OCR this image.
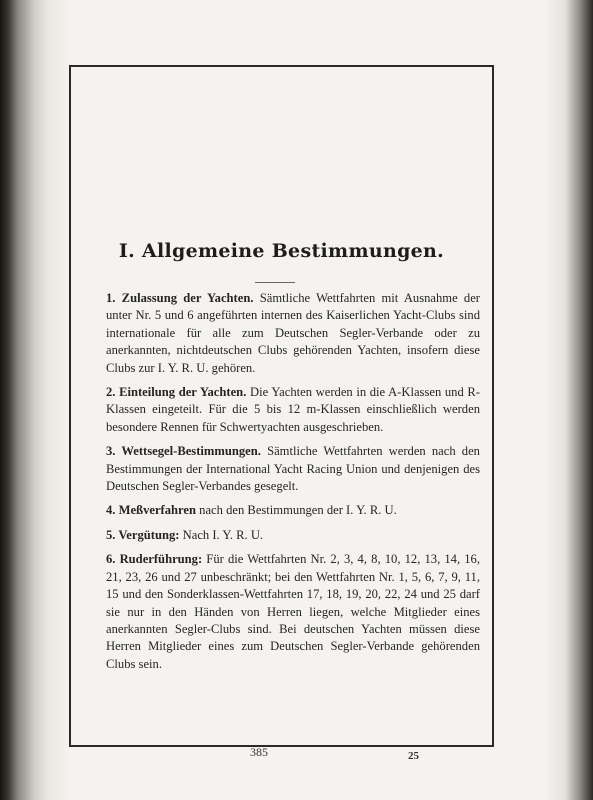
I. Allgemeine Bestimmungen.

1. Zulassung der Yachten. Sämtliche Wettfahrten mit Ausnahme der unter Nr. 5 und 6 angeführten internen des Kaiserlichen Yacht-Clubs sind internationale für alle zum Deutschen Segler-Verbande oder zu anerkannten, nichtdeutschen Clubs gehörenden Yachten, insofern diese Clubs zur I. Y. R. U. gehören.

2. Einteilung der Yachten. Die Yachten werden in die A-Klassen und R-Klassen eingeteilt. Für die 5 bis 12 m-Klassen einschließlich werden besondere Rennen für Schwertyachten ausgeschrieben.

3. Wettsegel-Bestimmungen. Sämtliche Wettfahrten werden nach den Bestimmungen der International Yacht Racing Union und denjenigen des Deutschen Segler-Verbandes gesegelt.

4. Meßverfahren nach den Bestimmungen der I. Y. R. U.

5. Vergütung: Nach I. Y. R. U.

6. Ruderführung: Für die Wettfahrten Nr. 2, 3, 4, 8, 10, 12, 13, 14, 16, 21, 23, 26 und 27 unbeschränkt; bei den Wettfahrten Nr. 1, 5, 6, 7, 9, 11, 15 und den Sonderklassen-Wettfahrten 17, 18, 19, 20, 22, 24 und 25 darf sie nur in den Händen von Herren liegen, welche Mitglieder eines anerkannten Segler-Clubs sind. Bei deutschen Yachten müssen diese Herren Mitglieder eines zum Deutschen Segler-Verbande gehörenden Clubs sein.

385	25
